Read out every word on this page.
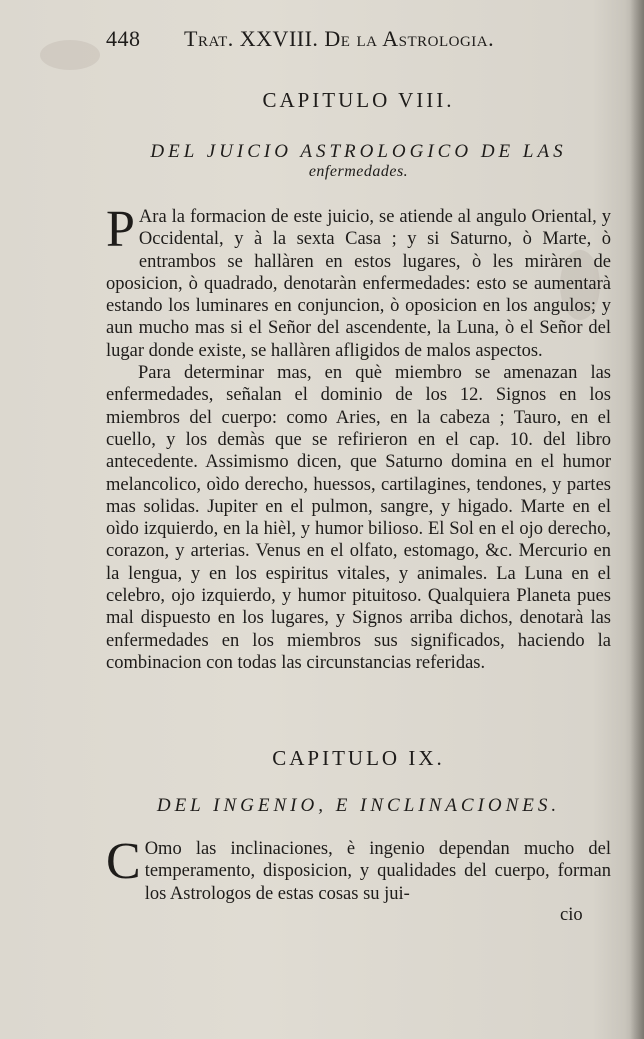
448 Trat. XXVIII. De la Astrologia.
CAPITULO VIII.
DEL JUICIO ASTROLOGICO DE LAS
enfermedades.

P Ara la formacion de este juicio, se atiende al angulo Oriental, y Occidental, y à la sexta Casa ; y si Saturno, ò Marte, ò entrambos se hallàren en estos lugares, ò les miràren de oposicion, ò quadrado, denotaràn enfermedades: esto se aumentarà estando los luminares en conjuncion, ò oposicion en los angulos; y aun mucho mas si el Señor del ascendente, la Luna, ò el Señor del lugar donde existe, se hallàren afligidos de malos aspectos.

Para determinar mas, en què miembro se amenazan las enfermedades, señalan el dominio de los 12. Signos en los miembros del cuerpo: como Aries, en la cabeza ; Tauro, en el cuello, y los demàs que se refirieron en el cap. 10. del libro antecedente. Assimismo dicen, que Saturno domina en el humor melancolico, oìdo derecho, huessos, cartilagines, tendones, y partes mas solidas. Jupiter en el pulmon, sangre, y higado. Marte en el oìdo izquierdo, en la hièl, y humor bilioso. El Sol en el ojo derecho, corazon, y arterias. Venus en el olfato, estomago, &c. Mercurio en la lengua, y en los espiritus vitales, y animales. La Luna en el celebro, ojo izquierdo, y humor pituitoso. Qualquiera Planeta pues mal dispuesto en los lugares, y Signos arriba dichos, denotarà las enfermedades en los miembros sus significados, haciendo la combinacion con todas las circunstancias referidas.

CAPITULO IX.
DEL INGENIO, E INCLINACIONES.

C Omo las inclinaciones, è ingenio dependan mucho del temperamento, disposicion, y qualidades del cuerpo, forman los Astrologos de estas cosas su jui-

cio
